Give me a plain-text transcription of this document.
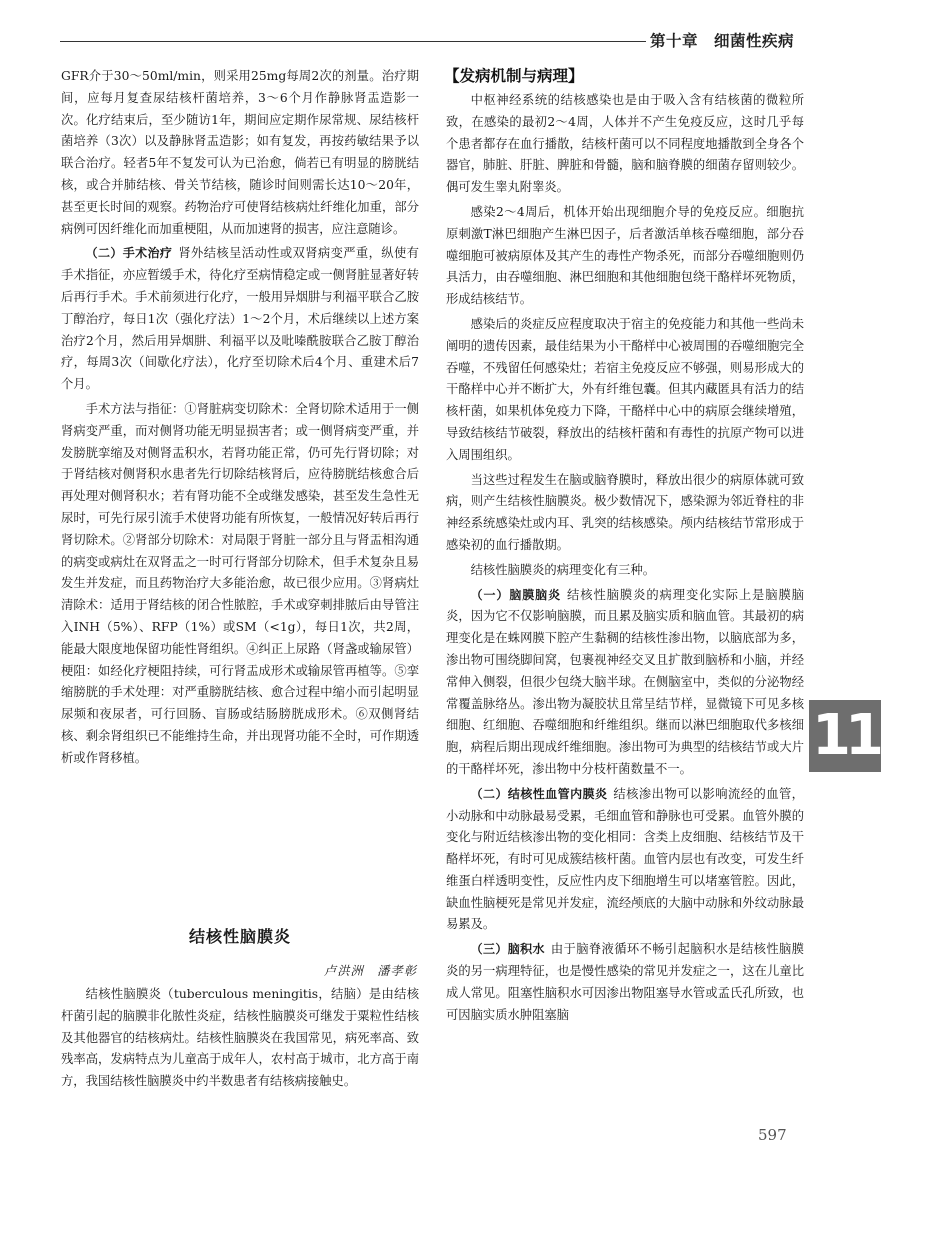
第十章　细菌性疾病

GFR介于30～50ml/min，则采用25mg每周2次的剂量。治疗期间，应每月复查尿结核杆菌培养，3～6个月作静脉肾盂造影一次。化疗结束后，至少随访1年，期间应定期作尿常规、尿结核杆菌培养（3次）以及静脉肾盂造影；如有复发，再按药敏结果予以联合治疗。轻者5年不复发可认为已治愈，倘若已有明显的膀胱结核，或合并肺结核、骨关节结核，随诊时间则需长达10～20年，甚至更长时间的观察。药物治疗可使肾结核病灶纤维化加重，部分病例可因纤维化而加重梗阻，从而加速肾的损害，应注意随诊。

（二）手术治疗 肾外结核呈活动性或双肾病变严重，纵使有手术指征，亦应暂缓手术，待化疗至病情稳定或一侧肾脏显著好转后再行手术。手术前须进行化疗，一般用异烟肼与利福平联合乙胺丁醇治疗，每日1次（强化疗法）1～2个月，术后继续以上述方案治疗2个月，然后用异烟肼、利福平以及吡嗪酰胺联合乙胺丁醇治疗，每周3次（间歇化疗法），化疗至切除术后4个月、重建术后7个月。

手术方法与指征：①肾脏病变切除术：全肾切除术适用于一侧肾病变严重，而对侧肾功能无明显损害者；或一侧肾病变严重，并发膀胱挛缩及对侧肾盂积水，若肾功能正常，仍可先行肾切除；对于肾结核对侧肾积水患者先行切除结核肾后，应待膀胱结核愈合后再处理对侧肾积水；若有肾功能不全或继发感染，甚至发生急性无尿时，可先行尿引流手术使肾功能有所恢复，一般情况好转后再行肾切除术。②肾部分切除术：对局限于肾脏一部分且与肾盂相沟通的病变或病灶在双肾盂之一时可行肾部分切除术，但手术复杂且易发生并发症，而且药物治疗大多能治愈，故已很少应用。③肾病灶清除术：适用于肾结核的闭合性脓腔，手术或穿刺排脓后由导管注入INH（5%）、RFP（1%）或SM（<1g），每日1次，共2周，能最大限度地保留功能性肾组织。④纠正上尿路（肾盏或输尿管）梗阻：如经化疗梗阻持续，可行肾盂成形术或输尿管再植等。⑤挛缩膀胱的手术处理：对严重膀胱结核、愈合过程中缩小而引起明显尿频和夜尿者，可行回肠、盲肠或结肠膀胱成形术。⑥双侧肾结核、剩余肾组织已不能维持生命，并出现肾功能不全时，可作期透析或作肾移植。

结核性脑膜炎
卢洪洲　潘孝彰

结核性脑膜炎（tuberculous meningitis，结脑）是由结核杆菌引起的脑膜非化脓性炎症，结核性脑膜炎可继发于粟粒性结核及其他器官的结核病灶。结核性脑膜炎在我国常见，病死率高、致残率高，发病特点为儿童高于成年人，农村高于城市，北方高于南方，我国结核性脑膜炎中约半数患者有结核病接触史。

【发病机制与病理】

中枢神经系统的结核感染也是由于吸入含有结核菌的微粒所致，在感染的最初2～4周，人体并不产生免疫反应，这时几乎每个患者都存在血行播散，结核杆菌可以不同程度地播散到全身各个器官，肺脏、肝脏、脾脏和骨髓，脑和脑脊膜的细菌存留则较少。偶可发生睾丸附睾炎。

感染2～4周后，机体开始出现细胞介导的免疫反应。细胞抗原刺激T淋巴细胞产生淋巴因子，后者激活单核吞噬细胞，部分吞噬细胞可被病原体及其产生的毒性产物杀死，而部分吞噬细胞则仍具活力，由吞噬细胞、淋巴细胞和其他细胞包绕干酪样坏死物质，形成结核结节。

感染后的炎症反应程度取决于宿主的免疫能力和其他一些尚未阐明的遗传因素，最佳结果为小干酪样中心被周围的吞噬细胞完全吞噬，不残留任何感染灶；若宿主免疫反应不够强，则易形成大的干酪样中心并不断扩大，外有纤维包囊。但其内藏匿具有活力的结核杆菌，如果机体免疫力下降，干酪样中心中的病原会继续增殖，导致结核结节破裂，释放出的结核杆菌和有毒性的抗原产物可以进入周围组织。

当这些过程发生在脑或脑脊膜时，释放出很少的病原体就可致病，则产生结核性脑膜炎。极少数情况下，感染源为邻近脊柱的非神经系统感染灶或内耳、乳突的结核感染。颅内结核结节常形成于感染初的血行播散期。

结核性脑膜炎的病理变化有三种。

（一）脑膜脑炎 结核性脑膜炎的病理变化实际上是脑膜脑炎，因为它不仅影响脑膜，而且累及脑实质和脑血管。其最初的病理变化是在蛛网膜下腔产生黏稠的结核性渗出物，以脑底部为多，渗出物可围绕脚间窝，包裹视神经交叉且扩散到脑桥和小脑，并经常伸入侧裂，但很少包绕大脑半球。在侧脑室中，类似的分泌物经常覆盖脉络丛。渗出物为凝胶状且常呈结节样，显微镜下可见多核细胞、红细胞、吞噬细胞和纤维组织。继而以淋巴细胞取代多核细胞，病程后期出现成纤维细胞。渗出物可为典型的结核结节或大片的干酪样坏死，渗出物中分枝杆菌数量不一。

（二）结核性血管内膜炎 结核渗出物可以影响流经的血管，小动脉和中动脉最易受累，毛细血管和静脉也可受累。血管外膜的变化与附近结核渗出物的变化相同：含类上皮细胞、结核结节及干酪样坏死，有时可见成簇结核杆菌。血管内层也有改变，可发生纤维蛋白样透明变性，反应性内皮下细胞增生可以堵塞管腔。因此，缺血性脑梗死是常见并发症，流经颅底的大脑中动脉和外纹动脉最易累及。

（三）脑积水 由于脑脊液循环不畅引起脑积水是结核性脑膜炎的另一病理特征，也是慢性感染的常见并发症之一，这在儿童比成人常见。阻塞性脑积水可因渗出物阻塞导水管或孟氏孔所致，也可因脑实质水肿阻塞脑

11
597
